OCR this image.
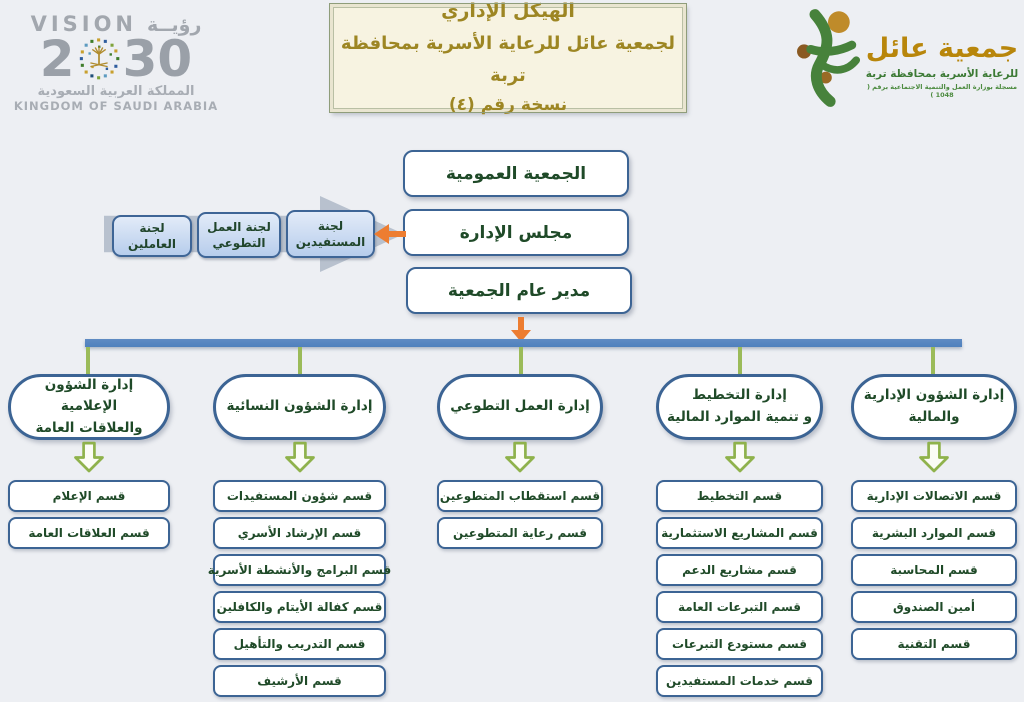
VISION رؤيــة
2 30
المملكة العربية السعودية
KINGDOM OF SAUDI ARABIA
الهيكل الإداري
لجمعية عائل للرعاية الأسرية بمحافظة تربة
نسخة رقم (٤)
جمعية عائل
للرعاية الأسرية بمحافظة تربة
مسجلة بوزارة العمل والتنمية الاجتماعية برقم ( 1048 )
الجمعية العمومية
مجلس الإدارة
مدير عام الجمعية
لجنة العاملين
لجنة العمل التطوعي
لجنة المستفيدين
إدارة الشؤون الإعلامية
والعلاقات العامة
قسم الإعلام
قسم العلاقات العامة
إدارة الشؤون النسائية
قسم شؤون المستفيدات
قسم الإرشاد الأسري
قسم البرامج والأنشطة الأسرية
قسم كفالة الأيتام والكافلين
قسم التدريب والتأهيل
قسم الأرشيف
إدارة العمل التطوعي
قسم استقطاب المتطوعين
قسم رعاية المتطوعين
إدارة التخطيط
و تنمية الموارد المالية
قسم التخطيط
قسم المشاريع الاستثمارية
قسم مشاريع الدعم
قسم التبرعات العامة
قسم مستودع التبرعات
قسم خدمات المستفيدين
إدارة الشؤون الإدارية
والمالية
قسم الاتصالات الإدارية
قسم الموارد البشرية
قسم المحاسبة
أمين الصندوق
قسم التقنية
